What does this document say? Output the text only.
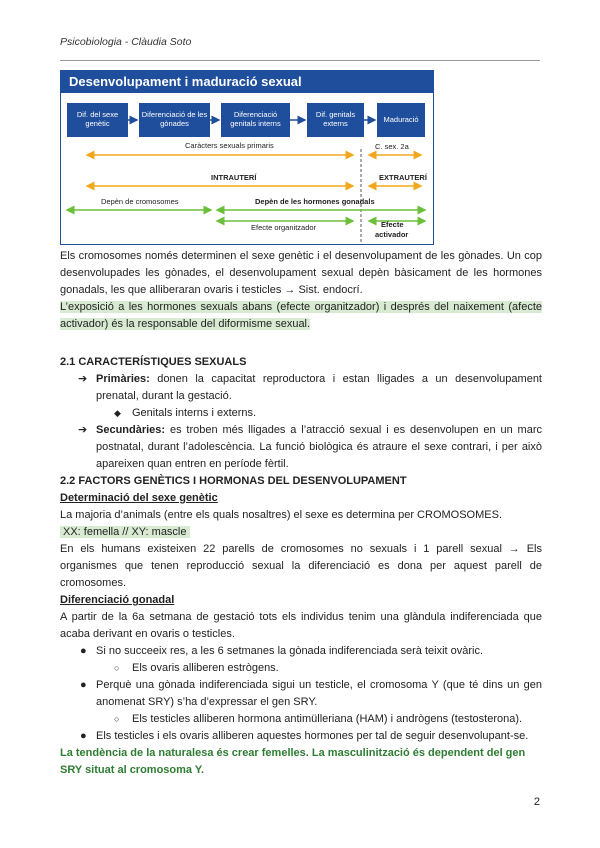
Psicobiologia - Clàudia Soto
Desenvolupament i maduració sexual
Dif. del sexe genètic
Diferenciació de les gònades
Diferenciació genitals interns
Dif. genitals externs	Maduració
Caràcters sexuals primaris	C. sex. 2a
INTRAUTERÍ	EXTRAUTERÍ
Depèn de cromosomes	Depèn de les hormones gonadals
Efecte organitzador	Efecte
activador

Els cromosomes només determinen el sexe genètic i el desenvolupament de les gònades. Un cop desenvolupades les gònades, el desenvolupament sexual depèn bàsicament de les hormones gonadals, les que alliberaran ovaris i testicles → Sist. endocrí.

L’exposició a les hormones sexuals abans (efecte organitzador) i després del naixement (afecte activador) és la responsable del diformisme sexual.

2.1 CARACTERÍSTIQUES SEXUALS

➔ Primàries: donen la capacitat reproductora i estan lligades a un desenvolupament prenatal, durant la gestació.
◆ Genitals interns i externs.
➔ Secundàries: es troben més lligades a l’atracció sexual i es desenvolupen en un marc postnatal, durant l’adolescència. La funció biològica és atraure el sexe contrari, i per això apareixen quan entren en període fèrtil.

2.2 FACTORS GENÈTICS I HORMONAS DEL DESENVOLUPAMENT

Determinació del sexe genètic

La majoria d’animals (entre els quals nosaltres) el sexe es determina per CROMOSOMES.

XX: femella // XY: mascle

En els humans existeixen 22 parells de cromosomes no sexuals i 1 parell sexual → Els organismes que tenen reproducció sexual la diferenciació es dona per aquest parell de cromosomes.

Diferenciació gonadal

A partir de la 6a setmana de gestació tots els individus tenim una glàndula indiferenciada que acaba derivant en ovaris o testicles.

● Si no succeeix res, a les 6 setmanes la gònada indiferenciada serà teixit ovàric.
○ Els ovaris alliberen estrògens.
● Perquè una gònada indiferenciada sigui un testicle, el cromosoma Y (que té dins un gen anomenat SRY) s’ha d’expressar el gen SRY.
○ Els testicles alliberen hormona antimülleriana (HAM) i andrògens (testosterona).
● Els testicles i els ovaris alliberen aquestes hormones per tal de seguir desenvolupant-se.

La tendència de la naturalesa és crear femelles. La masculinització és dependent del gen SRY situat al cromosoma Y.

2
